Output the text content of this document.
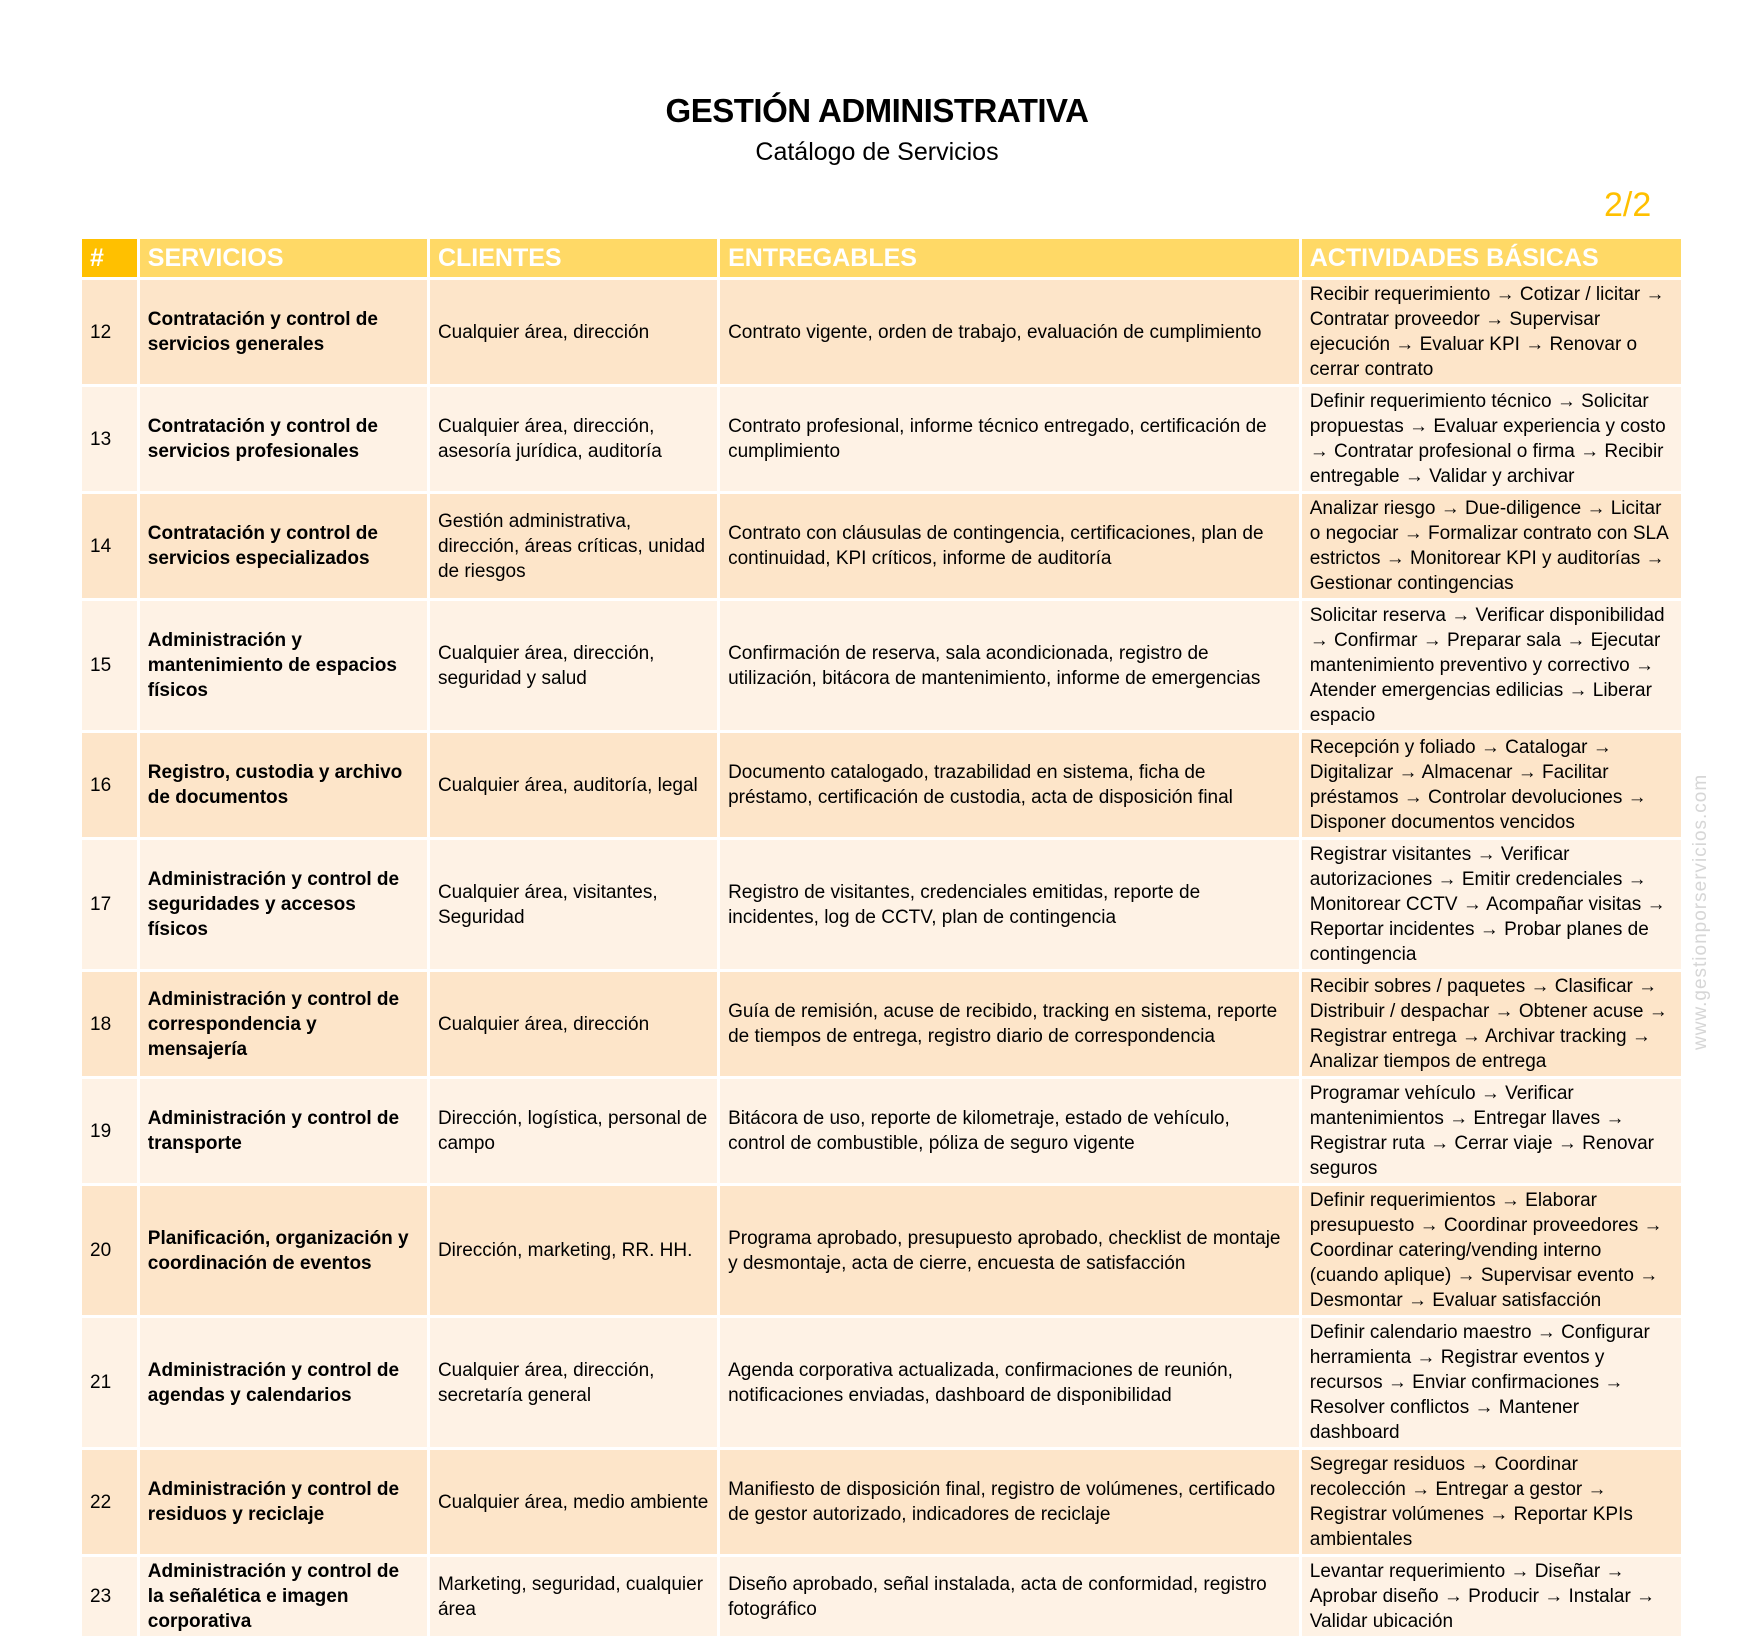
GESTIÓN ADMINISTRATIVA
Catálogo de Servicios
2/2
www.gestionporservicios.com
#	SERVICIOS	CLIENTES	ENTREGABLES	ACTIVIDADES BÁSICAS
12	Contratación y control de servicios generales	Cualquier área, dirección	Contrato vigente, orden de trabajo, evaluación de cumplimiento	Recibir requerimiento → Cotizar / licitar → Contratar proveedor → Supervisar ejecución → Evaluar KPI → Renovar o cerrar contrato
13	Contratación y control de servicios profesionales	Cualquier área, dirección, asesoría jurídica, auditoría	Contrato profesional, informe técnico entregado, certificación de cumplimiento	Definir requerimiento técnico → Solicitar propuestas → Evaluar experiencia y costo → Contratar profesional o firma → Recibir entregable → Validar y archivar
14	Contratación y control de servicios especializados	Gestión administrativa, dirección, áreas críticas, unidad de riesgos	Contrato con cláusulas de contingencia, certificaciones, plan de continuidad, KPI críticos, informe de auditoría	Analizar riesgo → Due-diligence → Licitar o negociar → Formalizar contrato con SLA estrictos → Monitorear KPI y auditorías → Gestionar contingencias
15	Administración y mantenimiento de espacios físicos	Cualquier área, dirección, seguridad y salud	Confirmación de reserva, sala acondicionada, registro de utilización, bitácora de mantenimiento, informe de emergencias	Solicitar reserva → Verificar disponibilidad → Confirmar → Preparar sala → Ejecutar mantenimiento preventivo y correctivo → Atender emergencias edilicias → Liberar espacio
16	Registro, custodia y archivo de documentos	Cualquier área, auditoría, legal	Documento catalogado, trazabilidad en sistema, ficha de préstamo, certificación de custodia, acta de disposición final	Recepción y foliado → Catalogar → Digitalizar → Almacenar → Facilitar préstamos → Controlar devoluciones → Disponer documentos vencidos
17	Administración y control de seguridades y accesos físicos	Cualquier área, visitantes, Seguridad	Registro de visitantes, credenciales emitidas, reporte de incidentes, log de CCTV, plan de contingencia	Registrar visitantes → Verificar autorizaciones → Emitir credenciales → Monitorear CCTV → Acompañar visitas → Reportar incidentes → Probar planes de contingencia
18	Administración y control de correspondencia y mensajería	Cualquier área, dirección	Guía de remisión, acuse de recibido, tracking en sistema, reporte de tiempos de entrega, registro diario de correspondencia	Recibir sobres / paquetes → Clasificar → Distribuir / despachar → Obtener acuse → Registrar entrega → Archivar tracking → Analizar tiempos de entrega
19	Administración y control de transporte	Dirección, logística, personal de campo	Bitácora de uso, reporte de kilometraje, estado de vehículo, control de combustible, póliza de seguro vigente	Programar vehículo → Verificar mantenimientos → Entregar llaves → Registrar ruta → Cerrar viaje → Renovar seguros
20	Planificación, organización y coordinación de eventos	Dirección, marketing, RR. HH.	Programa aprobado, presupuesto aprobado, checklist de montaje y desmontaje, acta de cierre, encuesta de satisfacción	Definir requerimientos → Elaborar presupuesto → Coordinar proveedores → Coordinar catering/vending interno (cuando aplique) → Supervisar evento → Desmontar → Evaluar satisfacción
21	Administración y control de agendas y calendarios	Cualquier área, dirección, secretaría general	Agenda corporativa actualizada, confirmaciones de reunión, notificaciones enviadas, dashboard de disponibilidad	Definir calendario maestro → Configurar herramienta → Registrar eventos y recursos → Enviar confirmaciones → Resolver conflictos → Mantener dashboard
22	Administración y control de residuos y reciclaje	Cualquier área, medio ambiente	Manifiesto de disposición final, registro de volúmenes, certificado de gestor autorizado, indicadores de reciclaje	Segregar residuos → Coordinar recolección → Entregar a gestor → Registrar volúmenes → Reportar KPIs ambientales
23	Administración y control de la señalética e imagen corporativa	Marketing, seguridad, cualquier área	Diseño aprobado, señal instalada, acta de conformidad, registro fotográfico	Levantar requerimiento → Diseñar → Aprobar diseño → Producir → Instalar → Validar ubicación
